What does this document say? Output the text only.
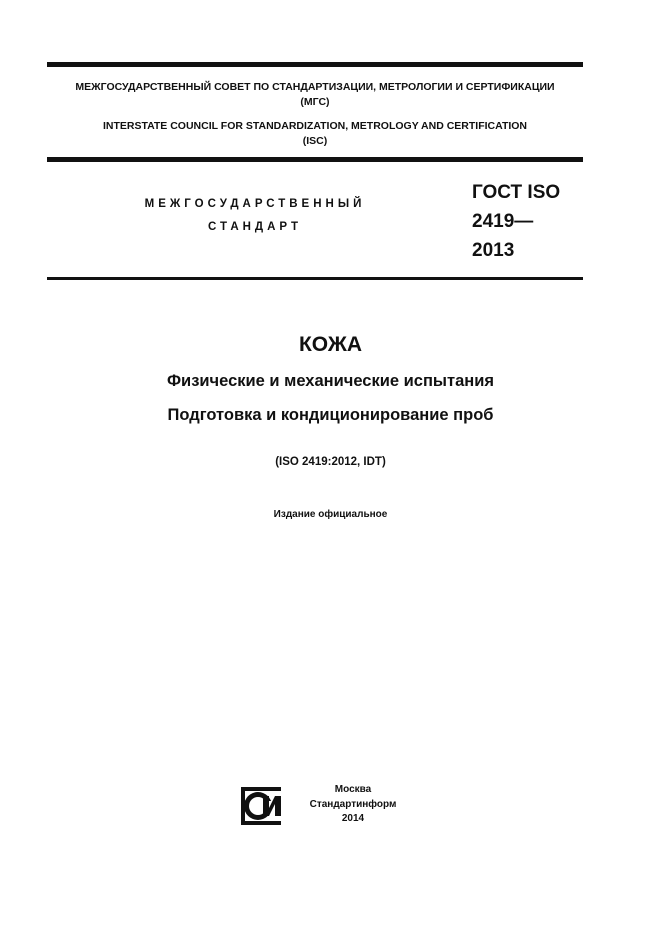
МЕЖГОСУДАРСТВЕННЫЙ СОВЕТ ПО СТАНДАРТИЗАЦИИ, МЕТРОЛОГИИ И СЕРТИФИКАЦИИ
(МГС)
INTERSTATE COUNCIL FOR STANDARDIZATION, METROLOGY AND CERTIFICATION
(ISC)
МЕЖГОСУДАРСТВЕННЫЙ
СТАНДАРТ
ГОСТ ISO
2419—
2013
КОЖА
Физические и механические испытания
Подготовка и кондиционирование проб
(ISO 2419:2012, IDT)
Издание официальное
Москва
Стандартинформ
2014
